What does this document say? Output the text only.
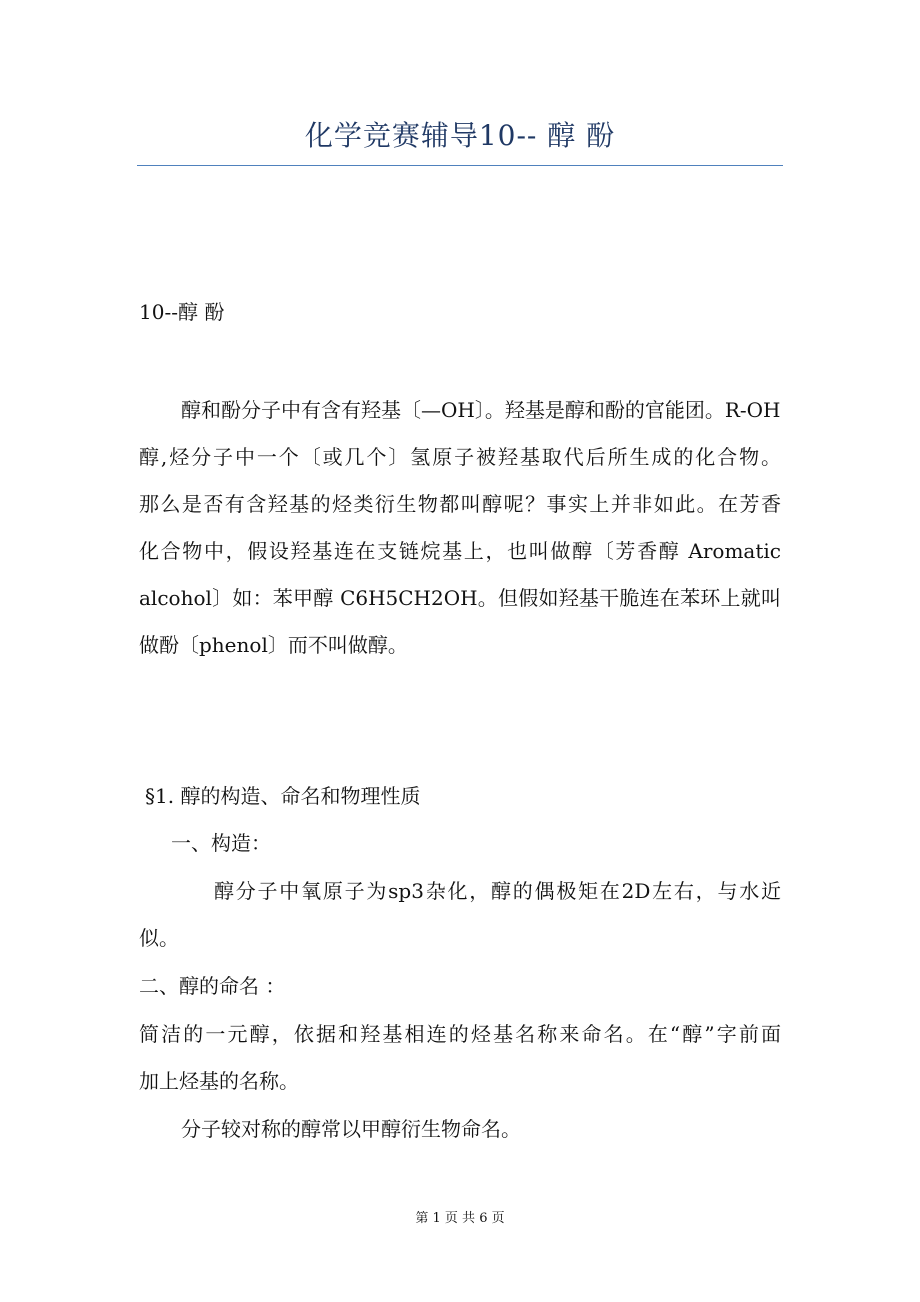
化学竞赛辅导10-- 醇 酚
10--醇 酚
醇和酚分子中有含有羟基〔—OH〕。羟基是醇和酚的官能团。R-OH
醇,烃分子中一个〔或几个〕氢原子被羟基取代后所生成的化合物。
那么是否有含羟基的烃类衍生物都叫醇呢？事实上并非如此。在芳香
化合物中，假设羟基连在支链烷基上，也叫做醇〔芳香醇 Aromatic
alcohol〕如：苯甲醇 C6H5CH2OH。但假如羟基干脆连在苯环上就叫
做酚〔phenol〕而不叫做醇。
§1. 醇的构造、命名和物理性质
一、构造：
醇分子中氧原子为sp3杂化，醇的偶极矩在2D左右，与水近
似。
二、醇的命名 ：
简洁的一元醇，依据和羟基相连的烃基名称来命名。在“醇”字前面
加上烃基的名称。
分子较对称的醇常以甲醇衍生物命名。
第 1 页 共 6 页
